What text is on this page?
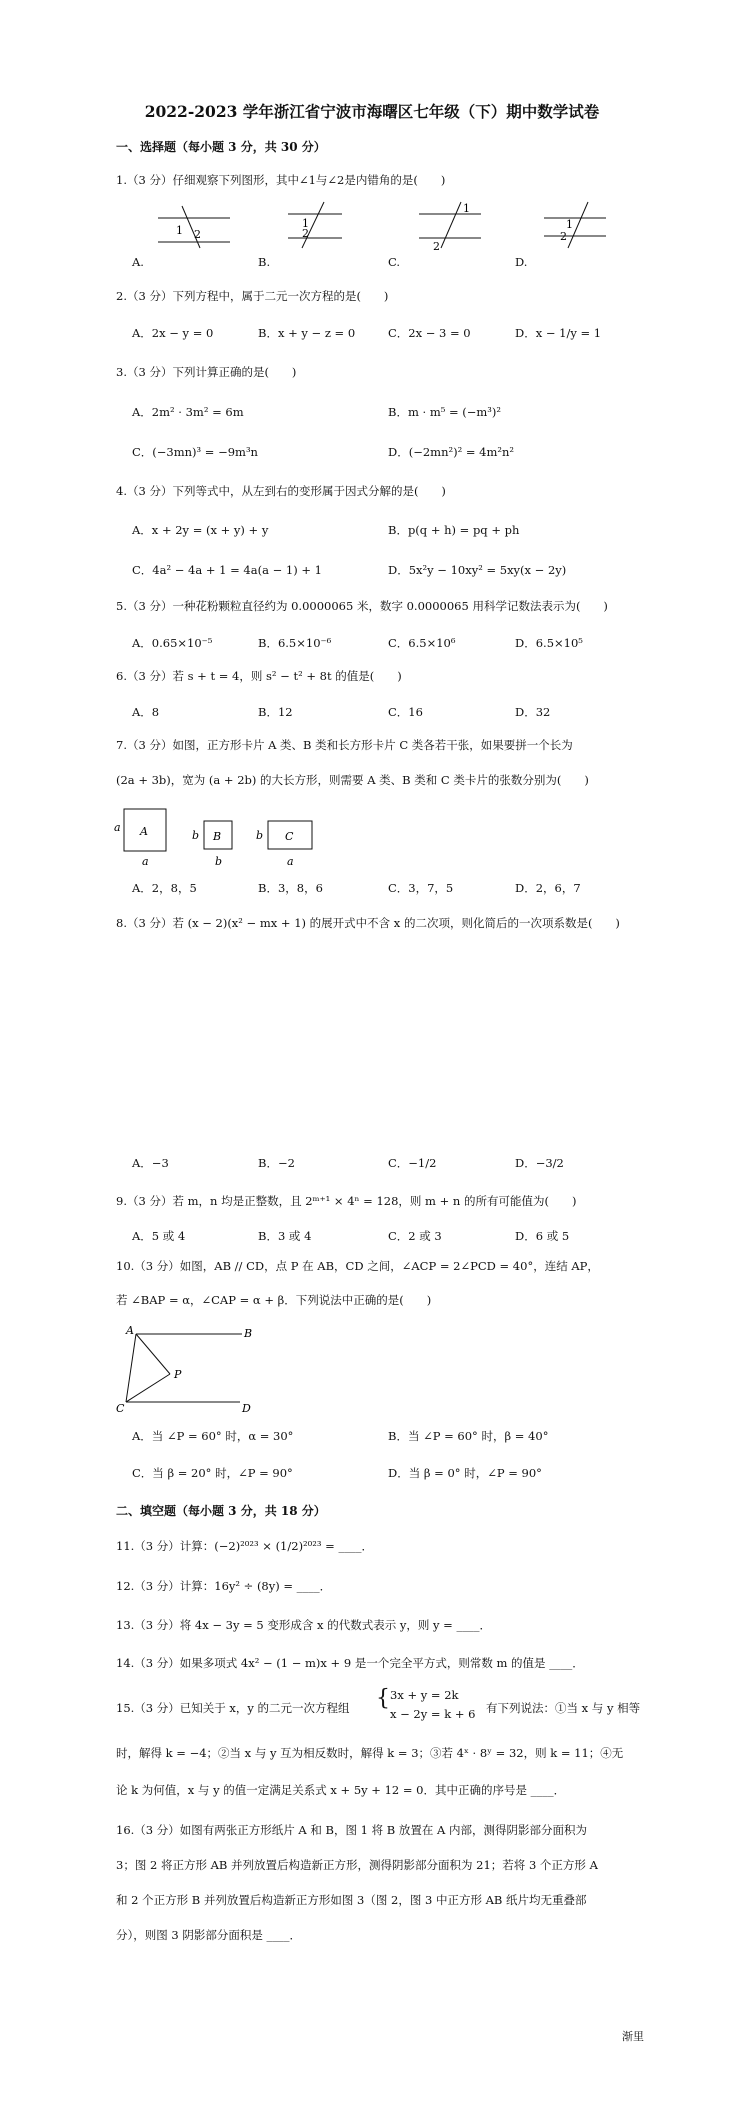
2022-2023 学年浙江省宁波市海曙区七年级（下）期中数学试卷
一、选择题（每小题 3 分，共 30 分）
1.（3 分）仔细观察下列图形，其中∠1与∠2是内错角的是(　　)
1 2
1
2
1
2
1
2
A.	B.	C.	D.
2.（3 分）下列方程中，属于二元一次方程的是(　　)
A．2x − y = 0	B．x + y − z = 0	C．2x − 3 = 0	D．x − 1/y = 1
3.（3 分）下列计算正确的是(　　)
A．2m² · 3m² = 6m	B．m · m⁵ = (−m³)²
C．(−3mn)³ = −9m³n	D．(−2mn²)² = 4m²n²
4.（3 分）下列等式中，从左到右的变形属于因式分解的是(　　)
A．x + 2y = (x + y) + y	B．p(q + h) = pq + ph
C．4a² − 4a + 1 = 4a(a − 1) + 1	D．5x²y − 10xy² = 5xy(x − 2y)
5.（3 分）一种花粉颗粒直径约为 0.0000065 米，数字 0.0000065 用科学记数法表示为(　　)
A．0.65×10⁻⁵	B．6.5×10⁻⁶	C．6.5×10⁶	D．6.5×10⁵
6.（3 分）若 s + t = 4，则 s² − t² + 8t 的值是(　　)
A．8	B．12	C．16	D．32
7.（3 分）如图，正方形卡片 A 类、B 类和长方形卡片 C 类各若干张，如果要拼一个长为
(2a + 3b)，宽为 (a + 2b) 的大长方形，则需要 A 类、B 类和 C 类卡片的张数分别为(　　)
a A
a
b B
b
b C
a
A．2，8，5	B．3，8，6	C．3，7，5	D．2，6，7
8.（3 分）若 (x − 2)(x² − mx + 1) 的展开式中不含 x 的二次项，则化简后的一次项系数是(　　)
A．−3	B．−2	C．−1/2	D．−3/2
9.（3 分）若 m，n 均是正整数，且 2ᵐ⁺¹ × 4ⁿ = 128，则 m + n 的所有可能值为(　　)
A．5 或 4	B．3 或 4	C．2 或 3	D．6 或 5
10.（3 分）如图，AB // CD，点 P 在 AB，CD 之间，∠ACP = 2∠PCD = 40°，连结 AP，
若 ∠BAP = α，∠CAP = α + β．下列说法中正确的是(　　)
A	B
P
C	D
A．当 ∠P = 60° 时，α = 30°	B．当 ∠P = 60° 时，β = 40°
C．当 β = 20° 时，∠P = 90°	D．当 β = 0° 时，∠P = 90°
二、填空题（每小题 3 分，共 18 分）
11.（3 分）计算：(−2)²⁰²³ × (1/2)²⁰²³ = ____．
12.（3 分）计算：16y² ÷ (8y) = ____．
13.（3 分）将 4x − 3y = 5 变形成含 x 的代数式表示 y，则 y = ____．
14.（3 分）如果多项式 4x² − (1 − m)x + 9 是一个完全平方式，则常数 m 的值是 ____．
15.（3 分）已知关于 x，y 的二元一次方程组 { 3x + y = 2k
x − 2y = k + 6 有下列说法：①当 x 与 y 相等
时，解得 k = −4；②当 x 与 y 互为相反数时，解得 k = 3；③若 4ˣ · 8ʸ = 32，则 k = 11；④无
论 k 为何值，x 与 y 的值一定满足关系式 x + 5y + 12 = 0．其中正确的序号是 ____．
16.（3 分）如图有两张正方形纸片 A 和 B，图 1 将 B 放置在 A 内部，测得阴影部分面积为
3；图 2 将正方形 AB 并列放置后构造新正方形，测得阴影部分面积为 21；若将 3 个正方形 A
和 2 个正方形 B 并列放置后构造新正方形如图 3（图 2，图 3 中正方形 AB 纸片均无重叠部
分），则图 3 阴影部分面积是 ____．
渐里
